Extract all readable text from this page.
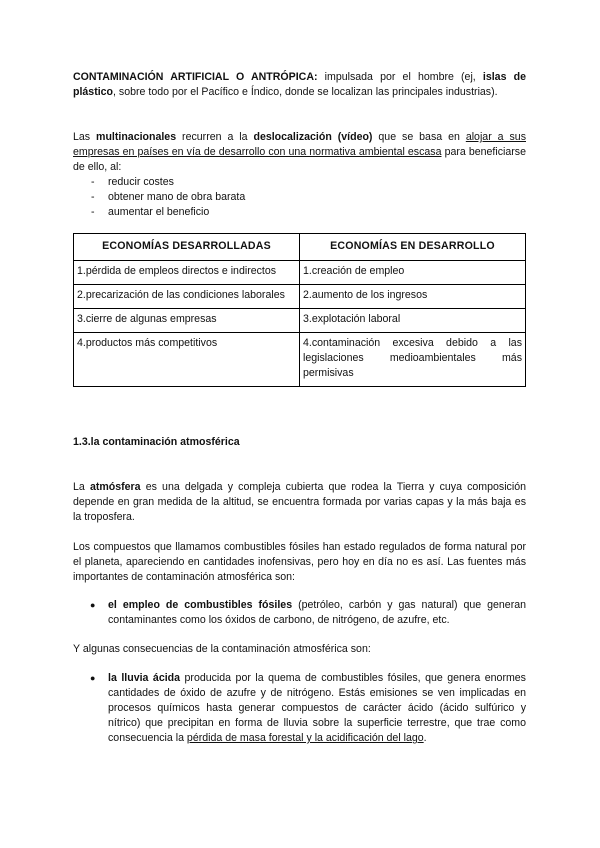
CONTAMINACIÓN ARTIFICIAL O ANTRÓPICA: impulsada por el hombre (ej, islas de plástico, sobre todo por el Pacífico e Índico, donde se localizan las principales industrias).

Las multinacionales recurren a la deslocalización (vídeo) que se basa en alojar a sus empresas en países en vía de desarrollo con una normativa ambiental escasa para beneficiarse de ello, al:

- reducir costes
- obtener mano de obra barata
- aumentar el beneficio
ECONOMÍAS DESARROLLADAS	ECONOMÍAS EN DESARROLLO
1.pérdida de empleos directos e indirectos	1.creación de empleo
2.precarización de las condiciones laborales	2.aumento de los ingresos
3.cierre de algunas empresas	3.explotación laboral
4.productos más competitivos	4.contaminación excesiva debido a las legislaciones medioambientales más permisivas

1.3.la contaminación atmosférica

La atmósfera es una delgada y compleja cubierta que rodea la Tierra y cuya composición depende en gran medida de la altitud, se encuentra formada por varias capas y la más baja es la troposfera.

Los compuestos que llamamos combustibles fósiles han estado regulados de forma natural por el planeta, apareciendo en cantidades inofensivas, pero hoy en día no es así. Las fuentes más importantes de contaminación atmosférica son:

● el empleo de combustibles fósiles (petróleo, carbón y gas natural) que generan contaminantes como los óxidos de carbono, de nitrógeno, de azufre, etc.

Y algunas consecuencias de la contaminación atmosférica son:

● la lluvia ácida producida por la quema de combustibles fósiles, que genera enormes cantidades de óxido de azufre y de nitrógeno. Estás emisiones se ven implicadas en procesos químicos hasta generar compuestos de carácter ácido (ácido sulfúrico y nítrico) que precipitan en forma de lluvia sobre la superficie terrestre, que trae como consecuencia la pérdida de masa forestal y la acidificación del lago.
